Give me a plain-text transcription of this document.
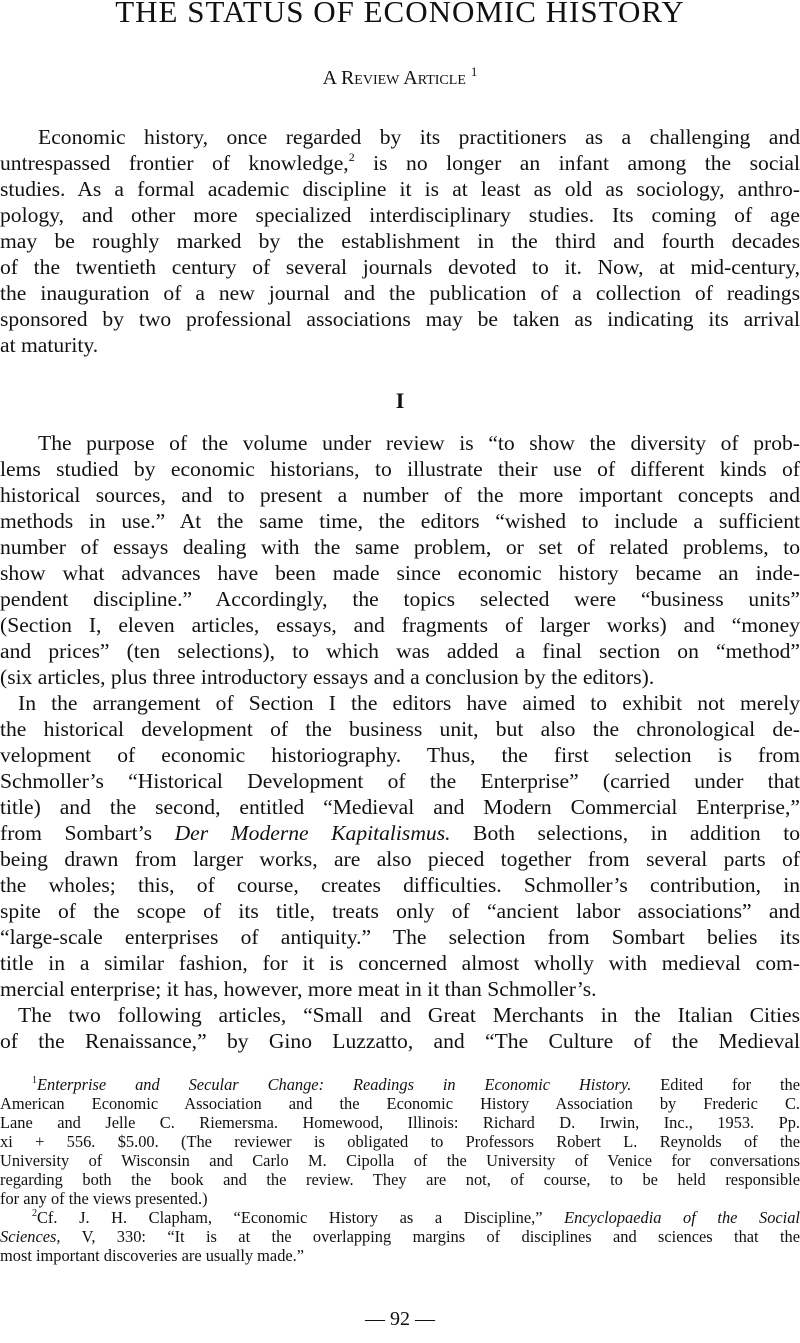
THE STATUS OF ECONOMIC HISTORY
A Review Article $^1$
Economic history, once regarded by its practitioners as a challenging and
untrespassed frontier of knowledge,$^2$ is no longer an infant among the social
studies. As a formal academic discipline it is at least as old as sociology, anthro-
pology, and other more specialized interdisciplinary studies. Its coming of age
may be roughly marked by the establishment in the third and fourth decades
of the twentieth century of several journals devoted to it. Now, at mid-century,
the inauguration of a new journal and the publication of a collection of readings
sponsored by two professional associations may be taken as indicating its arrival
at maturity.
I
The purpose of the volume under review is “to show the diversity of prob-
lems studied by economic historians, to illustrate their use of different kinds of
historical sources, and to present a number of the more important concepts and
methods in use.” At the same time, the editors “wished to include a sufficient
number of essays dealing with the same problem, or set of related problems, to
show what advances have been made since economic history became an inde-
pendent discipline.” Accordingly, the topics selected were “business units”
(Section I, eleven articles, essays, and fragments of larger works) and “money
and prices” (ten selections), to which was added a final section on “method”
(six articles, plus three introductory essays and a conclusion by the editors).
In the arrangement of Section I the editors have aimed to exhibit not merely
the historical development of the business unit, but also the chronological de-
velopment of economic historiography. Thus, the first selection is from
Schmoller’s “Historical Development of the Enterprise” (carried under that
title) and the second, entitled “Medieval and Modern Commercial Enterprise,”
from Sombart’s Der Moderne Kapitalismus. Both selections, in addition to
being drawn from larger works, are also pieced together from several parts of
the wholes; this, of course, creates difficulties. Schmoller’s contribution, in
spite of the scope of its title, treats only of “ancient labor associations” and
“large-scale enterprises of antiquity.” The selection from Sombart belies its
title in a similar fashion, for it is concerned almost wholly with medieval com-
mercial enterprise; it has, however, more meat in it than Schmoller’s.
The two following articles, “Small and Great Merchants in the Italian Cities
of the Renaissance,” by Gino Luzzatto, and “The Culture of the Medieval
$^1$Enterprise and Secular Change: Readings in Economic History. Edited for the
American Economic Association and the Economic History Association by Frederic C.
Lane and Jelle C. Riemersma. Homewood, Illinois: Richard D. Irwin, Inc., 1953. Pp.
xi + 556. $5.00. (The reviewer is obligated to Professors Robert L. Reynolds of the
University of Wisconsin and Carlo M. Cipolla of the University of Venice for conversations
regarding both the book and the review. They are not, of course, to be held responsible
for any of the views presented.)
$^2$Cf. J. H. Clapham, “Economic History as a Discipline,” Encyclopaedia of the Social
Sciences, V, 330: “It is at the overlapping margins of disciplines and sciences that the
most important discoveries are usually made.”
— 92 —
